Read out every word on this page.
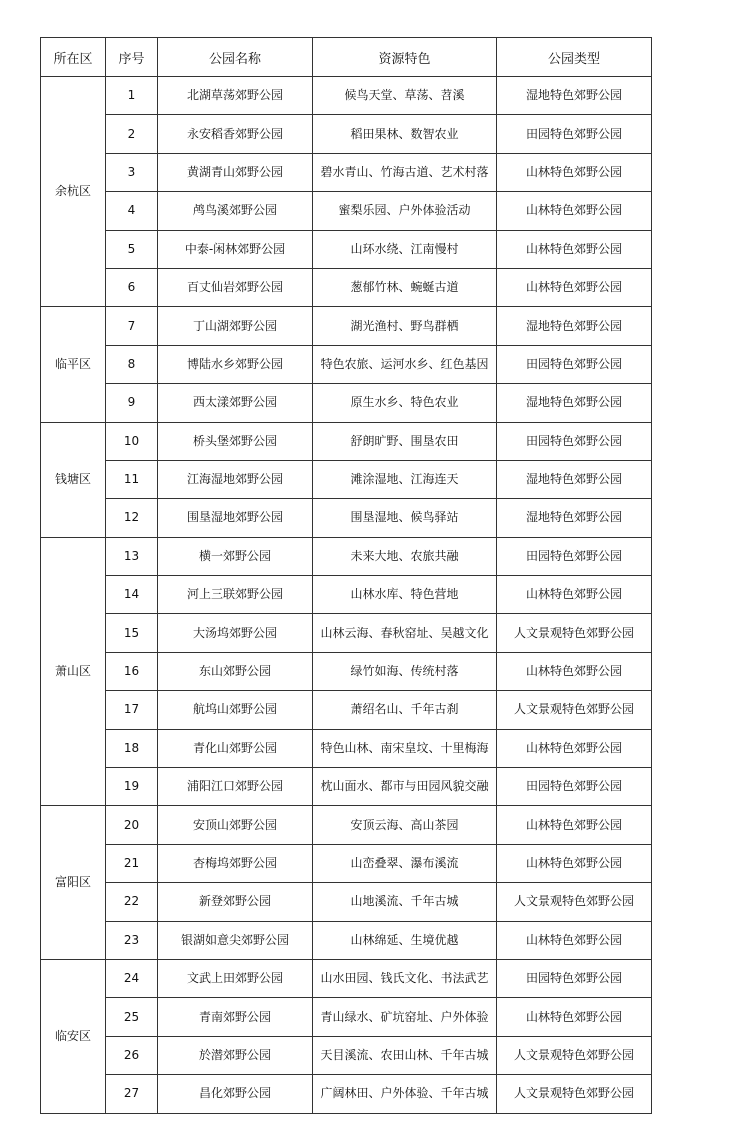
所在区	序号	公园名称	资源特色	公园类型
余杭区	1	北湖草荡郊野公园	候鸟天堂、草荡、苕溪	湿地特色郊野公园
	2	永安稻香郊野公园	稻田果林、数智农业	田园特色郊野公园
	3	黄湖青山郊野公园	碧水青山、竹海古道、艺术村落	山林特色郊野公园
	4	鸬鸟溪郊野公园	蜜梨乐园、户外体验活动	山林特色郊野公园
	5	中泰-闲林郊野公园	山环水绕、江南慢村	山林特色郊野公园
	6	百丈仙岩郊野公园	葱郁竹林、蜿蜒古道	山林特色郊野公园
临平区	7	丁山湖郊野公园	湖光渔村、野鸟群栖	湿地特色郊野公园
	8	博陆水乡郊野公园	特色农旅、运河水乡、红色基因	田园特色郊野公园
	9	西太漾郊野公园	原生水乡、特色农业	湿地特色郊野公园
钱塘区	10	桥头堡郊野公园	舒朗旷野、围垦农田	田园特色郊野公园
	11	江海湿地郊野公园	滩涂湿地、江海连天	湿地特色郊野公园
	12	围垦湿地郊野公园	围垦湿地、候鸟驿站	湿地特色郊野公园
萧山区	13	横一郊野公园	未来大地、农旅共融	田园特色郊野公园
	14	河上三联郊野公园	山林水库、特色营地	山林特色郊野公园
	15	大汤坞郊野公园	山林云海、春秋窑址、吴越文化	人文景观特色郊野公园
	16	东山郊野公园	绿竹如海、传统村落	山林特色郊野公园
	17	航坞山郊野公园	萧绍名山、千年古刹	人文景观特色郊野公园
	18	青化山郊野公园	特色山林、南宋皇坟、十里梅海	山林特色郊野公园
	19	浦阳江口郊野公园	枕山面水、都市与田园风貌交融	田园特色郊野公园
富阳区	20	安顶山郊野公园	安顶云海、高山茶园	山林特色郊野公园
	21	杏梅坞郊野公园	山峦叠翠、瀑布溪流	山林特色郊野公园
	22	新登郊野公园	山地溪流、千年古城	人文景观特色郊野公园
	23	银湖如意尖郊野公园	山林绵延、生境优越	山林特色郊野公园
临安区	24	文武上田郊野公园	山水田园、钱氏文化、书法武艺	田园特色郊野公园
	25	青南郊野公园	青山绿水、矿坑窑址、户外体验	山林特色郊野公园
	26	於潜郊野公园	天目溪流、农田山林、千年古城	人文景观特色郊野公园
	27	昌化郊野公园	广阔林田、户外体验、千年古城	人文景观特色郊野公园
